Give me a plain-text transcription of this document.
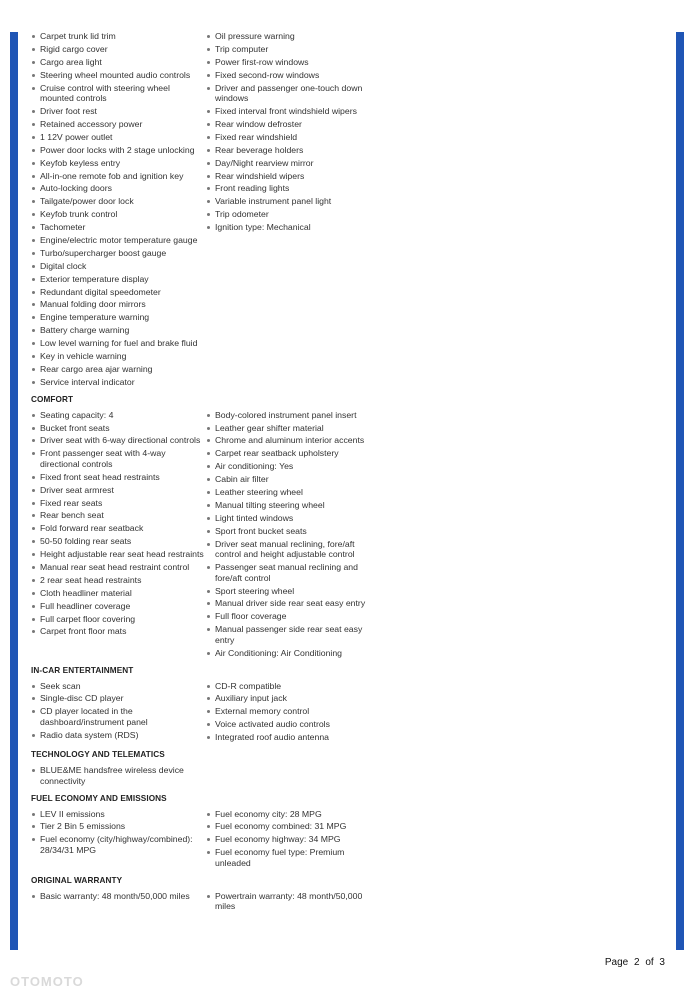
Carpet trunk lid trim
Rigid cargo cover
Cargo area light
Steering wheel mounted audio controls
Cruise control with steering wheel mounted controls
Driver foot rest
Retained accessory power
1 12V power outlet
Power door locks with 2 stage unlocking
Keyfob keyless entry
All-in-one remote fob and ignition key
Auto-locking doors
Tailgate/power door lock
Keyfob trunk control
Tachometer
Engine/electric motor temperature gauge
Turbo/supercharger boost gauge
Digital clock
Exterior temperature display
Redundant digital speedometer
Manual folding door mirrors
Engine temperature warning
Battery charge warning
Low level warning for fuel and brake fluid
Key in vehicle warning
Rear cargo area ajar warning
Service interval indicator
Oil pressure warning
Trip computer
Power first-row windows
Fixed second-row windows
Driver and passenger one-touch down windows
Fixed interval front windshield wipers
Rear window defroster
Fixed rear windshield
Rear beverage holders
Day/Night rearview mirror
Rear windshield wipers
Front reading lights
Variable instrument panel light
Trip odometer
Ignition type: Mechanical
COMFORT
Seating capacity: 4
Bucket front seats
Driver seat with 6-way directional controls
Front passenger seat with 4-way directional controls
Fixed front seat head restraints
Driver seat armrest
Fixed rear seats
Rear bench seat
Fold forward rear seatback
50-50 folding rear seats
Height adjustable rear seat head restraints
Manual rear seat head restraint control
2 rear seat head restraints
Cloth headliner material
Full headliner coverage
Full carpet floor covering
Carpet front floor mats
Body-colored instrument panel insert
Leather gear shifter material
Chrome and aluminum interior accents
Carpet rear seatback upholstery
Air conditioning: Yes
Cabin air filter
Leather steering wheel
Manual tilting steering wheel
Light tinted windows
Sport front bucket seats
Driver seat manual reclining, fore/aft control and height adjustable control
Passenger seat manual reclining and fore/aft control
Sport steering wheel
Manual driver side rear seat easy entry
Full floor coverage
Manual passenger side rear seat easy entry
Air Conditioning: Air Conditioning
IN-CAR ENTERTAINMENT
Seek scan
Single-disc CD player
CD player located in the dashboard/instrument panel
Radio data system (RDS)
CD-R compatible
Auxiliary input jack
External memory control
Voice activated audio controls
Integrated roof audio antenna
TECHNOLOGY AND TELEMATICS
BLUE&ME handsfree wireless device connectivity
FUEL ECONOMY AND EMISSIONS
LEV II emissions
Tier 2 Bin 5 emissions
Fuel economy (city/highway/combined): 28/34/31 MPG
Fuel economy city: 28 MPG
Fuel economy combined: 31 MPG
Fuel economy highway: 34 MPG
Fuel economy fuel type: Premium unleaded
ORIGINAL WARRANTY
Basic warranty: 48 month/50,000 miles	Powertrain warranty: 48 month/50,000 miles
Page 2 of 3
OTOMOTO
